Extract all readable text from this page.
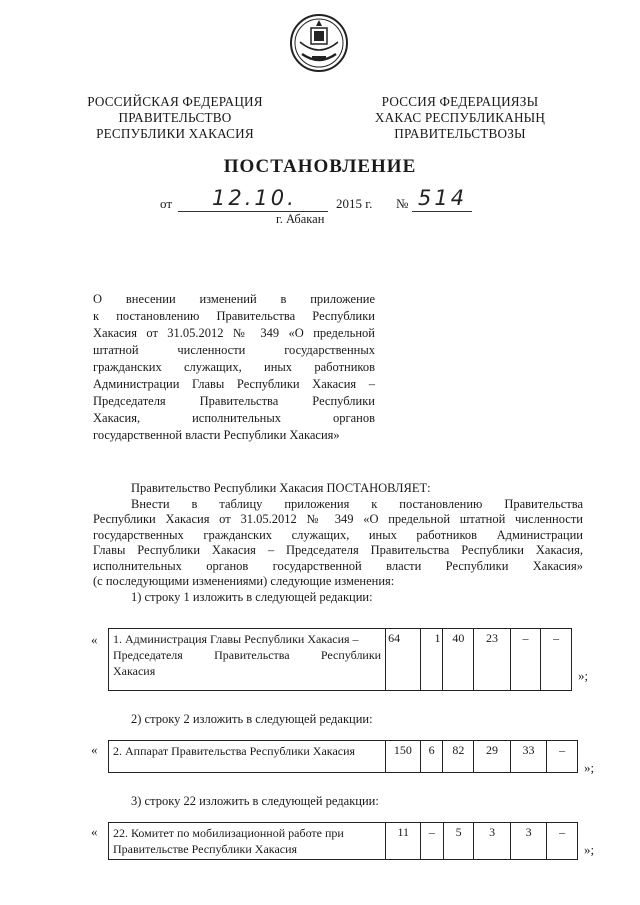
РОССИЙСКАЯ ФЕДЕРАЦИЯ
ПРАВИТЕЛЬСТВО
РЕСПУБЛИКИ ХАКАСИЯ
РОССИЯ ФЕДЕРАЦИЯЗЫ
ХАКАС РЕСПУБЛИКАНЫҢ
ПРАВИТЕЛЬСТВОЗЫ
ПОСТАНОВЛЕНИЕ
от 12.10.	2015 г. № 514
г. Абакан

О внесении изменений в приложение

к постановлению Правительства Республики

Хакасия от 31.05.2012 № 349 «О предельной

штатной численности государственных

гражданских служащих, иных работников

Администрации Главы Республики Хакасия –

Председателя Правительства Республики

Хакасия, исполнительных органов

государственной власти Республики Хакасия»

Правительство Республики Хакасия ПОСТАНОВЛЯЕТ:

Внести в таблицу приложения к постановлению Правительства

Республики Хакасия от 31.05.2012 № 349 «О предельной штатной численности

государственных гражданских служащих, иных работников Администрации

Главы Республики Хакасия – Председателя Правительства Республики Хакасия,

исполнительных органов государственной власти Республики Хакасия»

(с последующими изменениями) следующие изменения:

1) строку 1 изложить в следующей редакции:

« 1. Администрация Главы Республики Хакасия –
Председателя Правительства Республики
Хакасия
	64	1	40	23	–	–
»;

2) строку 2 изложить в следующей редакции:

« 2. Аппарат Правительства Республики Хакасия	150	6	82	29	33	–
»;

3) строку 22 изложить в следующей редакции:

« 22. Комитет по мобилизационной работе при
Правительстве Республики Хакасия
	11	–	5	3	3	–
»;
